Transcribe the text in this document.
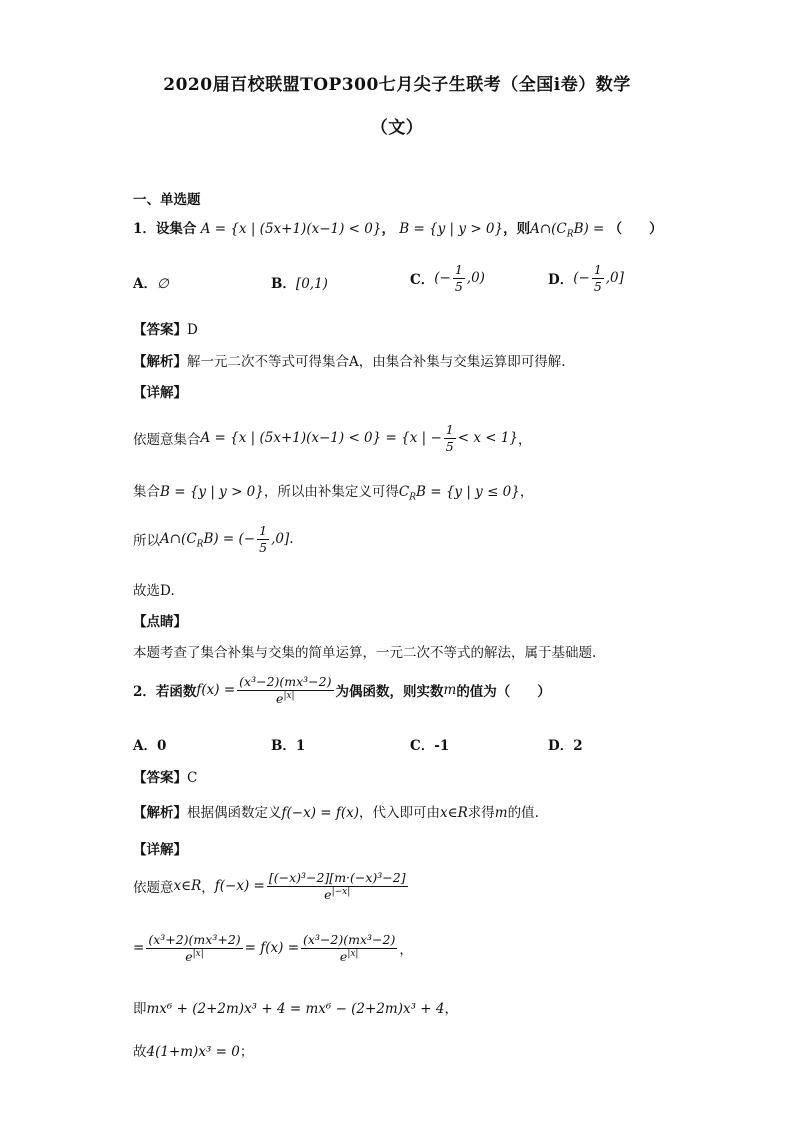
2020届百校联盟TOP300七月尖子生联考（全国i卷）数学
（文）
一、单选题
1．设集合 A = {x | (5x+1)(x−1) < 0}， B = {y | y > 0}，则$A\cap(C_RB)$ = （　　）
A．∅	B．[0,1)	C．(− $\frac{1}{5} ,0$)	D．(− $\frac{1}{5} ,0$]
【答案】D
【解析】解一元二次不等式可得集合A，由集合补集与交集运算即可得解.
【详解】
依题意集合A = {x | (5x+1)(x−1) < 0} = {x | − $\frac{1}{5} < x < 1$}，
集合B = {y | y > 0}，所以由补集定义可得$C_RB = \{y$ | y ≤ 0}，
所以$A\cap(C_RB)$ = (− $\frac{1}{5} ,0$].
故选D.
【点睛】
本题考查了集合补集与交集的简单运算，一元二次不等式的解法，属于基础题.
2．若函数$f(x) = \frac{\text{(x³−2)(mx³−2)}}{e^{|x|}}$ 为偶函数，则实数m的值为（　　）
A．0	B．1	C．-1	D．2
【答案】C
【解析】根据偶函数定义f(−x) = f(x)，代入即可由x∈R求得m的值.
【详解】
依题意x∈R，$f(-x) = \frac{\text{[(−x)³−2][m·(−x)³−2]}}{e^{|-x|}}$
= $\frac{\text{(x³+2)(mx³+2)}}{e^{|x|}} = f(x) = \frac{\text{(x³−2)(mx³−2)}}{e^{|x|}}$ ，
即mx⁶ + (2+2m)x³ + 4 = mx⁶ − (2+2m)x³ + 4，
故4(1+m)x³ = 0；
